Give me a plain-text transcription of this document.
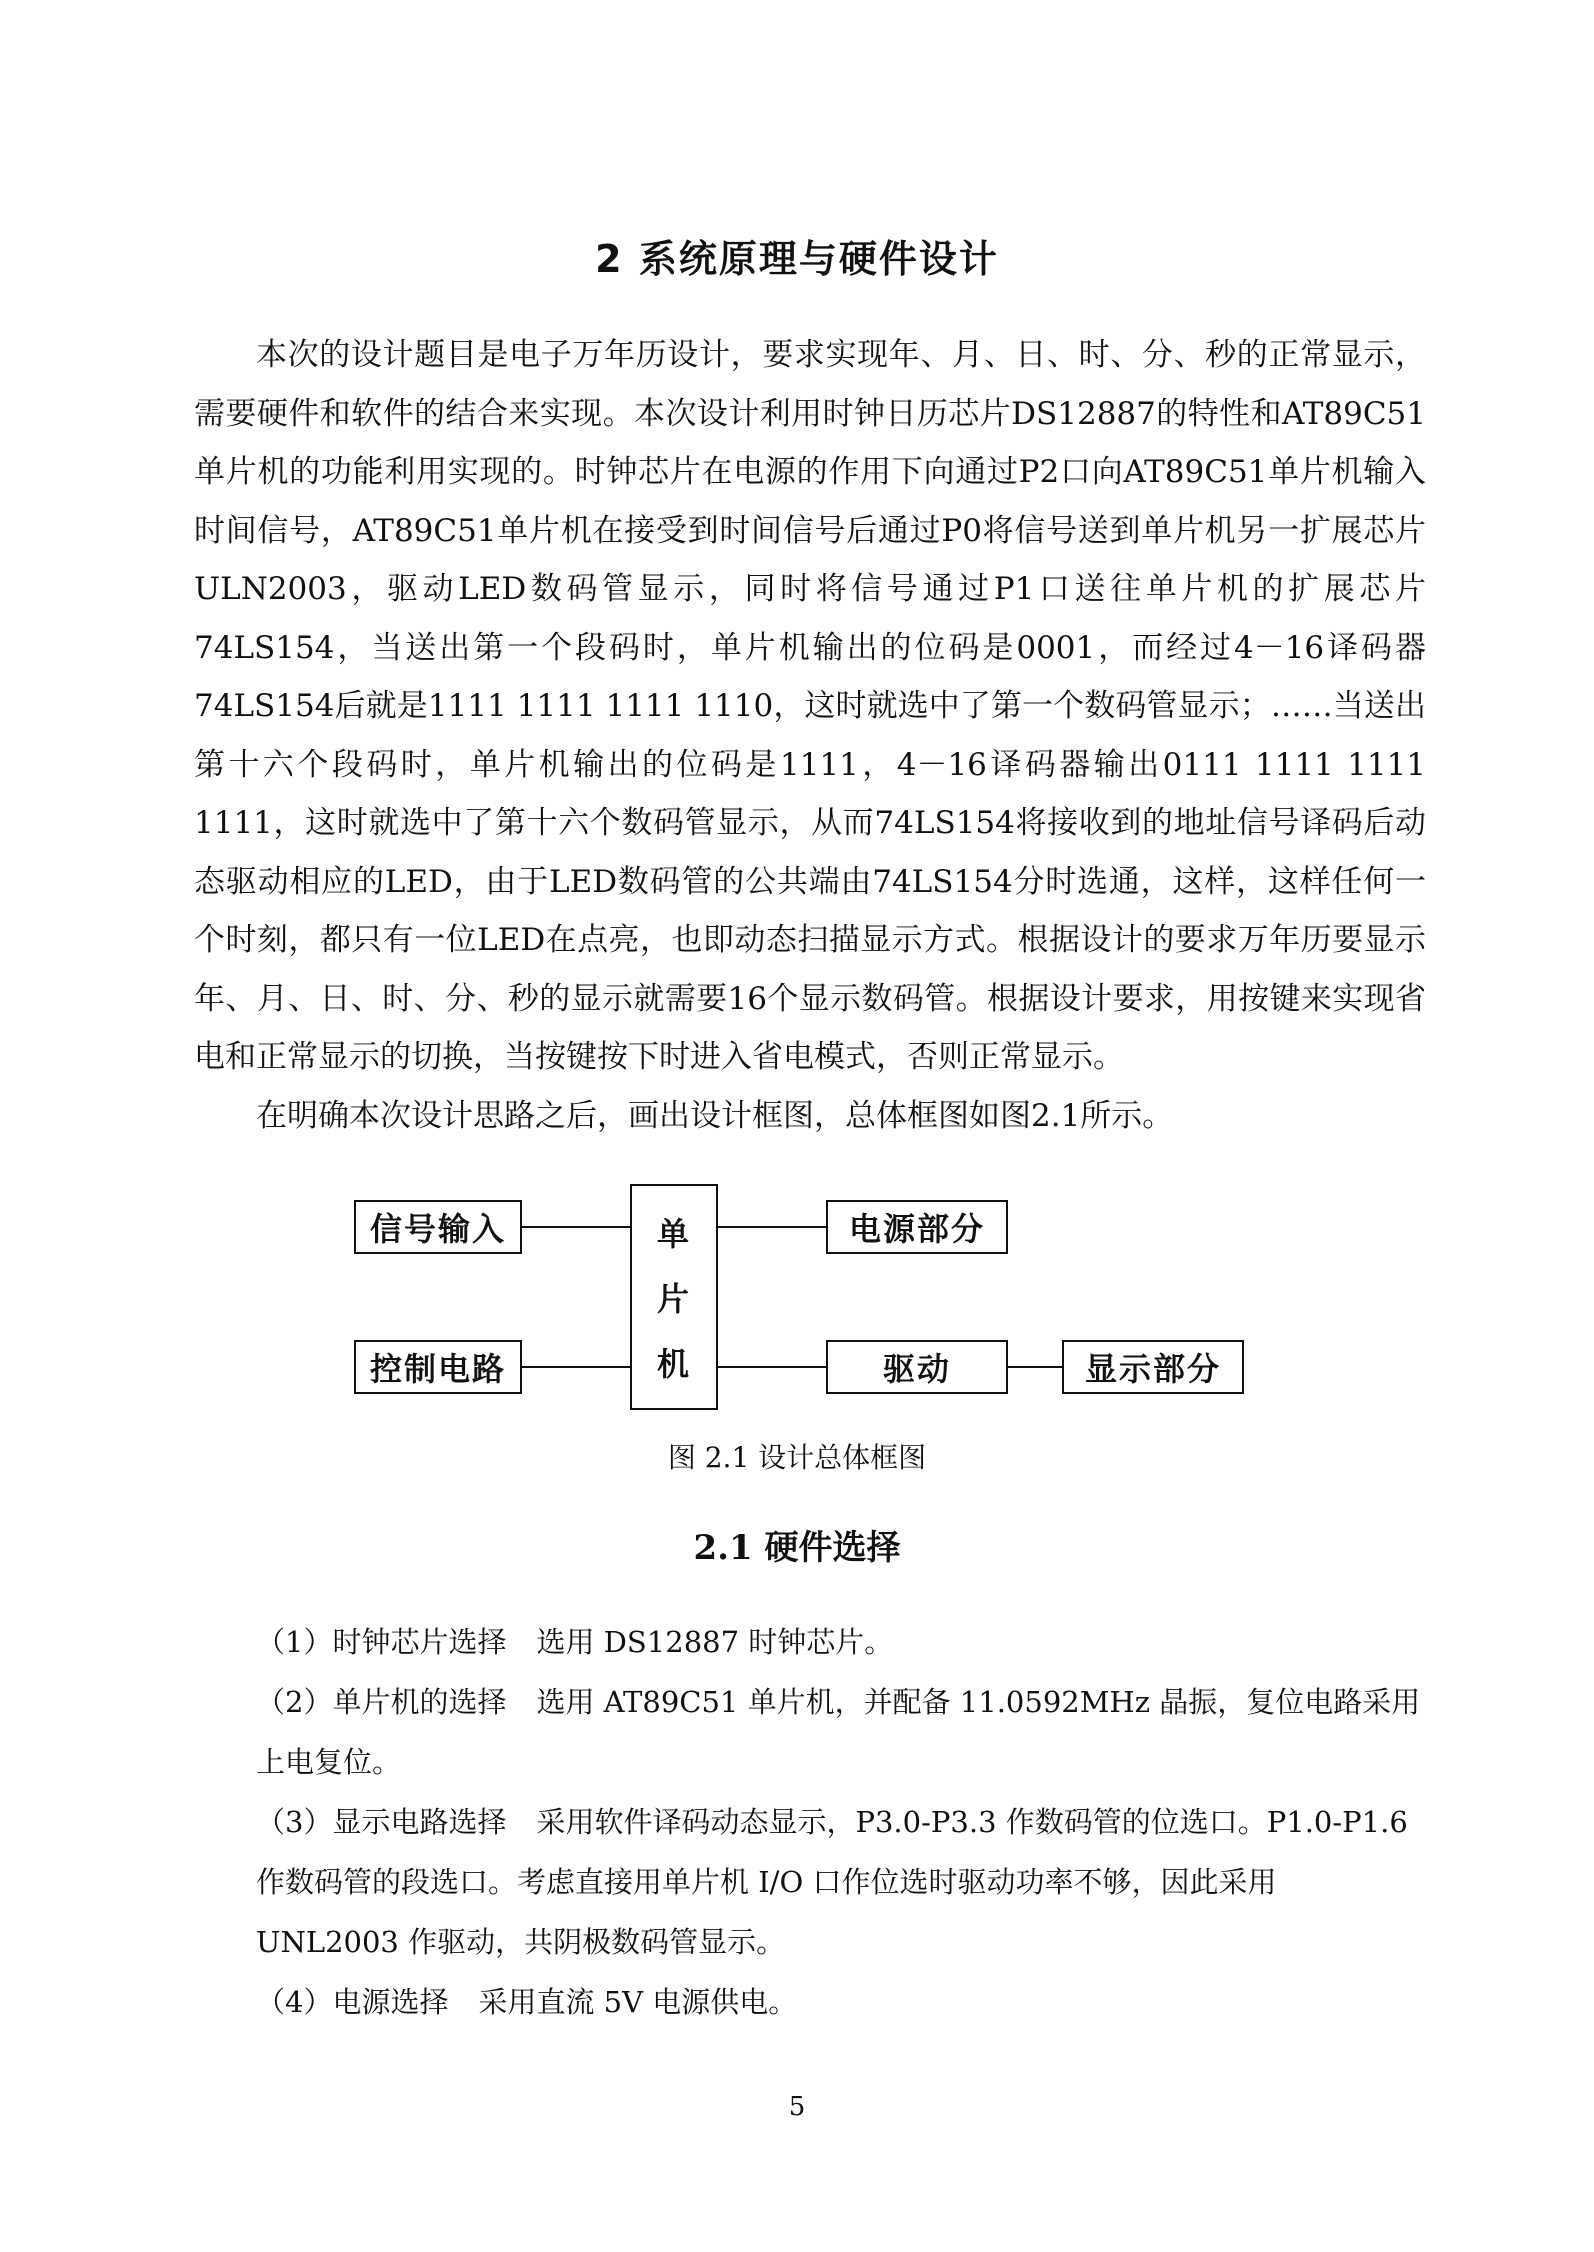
2 系统原理与硬件设计

本次的设计题目是电子万年历设计，要求实现年、月、日、时、分、秒的正常显示，需要硬件和软件的结合来实现。本次设计利用时钟日历芯片DS12887的特性和AT89C51单片机的功能利用实现的。时钟芯片在电源的作用下向通过P2口向AT89C51单片机输入时间信号，AT89C51单片机在接受到时间信号后通过P0将信号送到单片机另一扩展芯片ULN2003，驱动LED数码管显示，同时将信号通过P1口送往单片机的扩展芯片74LS154，当送出第一个段码时，单片机输出的位码是0001，而经过4－16译码器74LS154后就是1111 1111 1111 1110，这时就选中了第一个数码管显示；……当送出第十六个段码时，单片机输出的位码是1111，4－16译码器输出0111 1111 1111 1111，这时就选中了第十六个数码管显示，从而74LS154将接收到的地址信号译码后动态驱动相应的LED，由于LED数码管的公共端由74LS154分时选通，这样，这样任何一个时刻，都只有一位LED在点亮，也即动态扫描显示方式。根据设计的要求万年历要显示年、月、日、时、分、秒的显示就需要16个显示数码管。根据设计要求，用按键来实现省电和正常显示的切换，当按键按下时进入省电模式，否则正常显示。

在明确本次设计思路之后，画出设计框图，总体框图如图2.1所示。

信号输入
控制电路
单
片
机
电源部分
驱动	显示部分
图 2.1 设计总体框图
2.1 硬件选择

（1）时钟芯片选择 选用 DS12887 时钟芯片。

（2）单片机的选择 选用 AT89C51 单片机，并配备 11.0592MHz 晶振，复位电路采用上电复位。

（3）显示电路选择 采用软件译码动态显示，P3.0-P3.3 作数码管的位选口。P1.0-P1.6 作数码管的段选口。考虑直接用单片机 I/O 口作位选时驱动功率不够，因此采用 UNL2003 作驱动，共阴极数码管显示。

（4）电源选择 采用直流 5V 电源供电。

5
